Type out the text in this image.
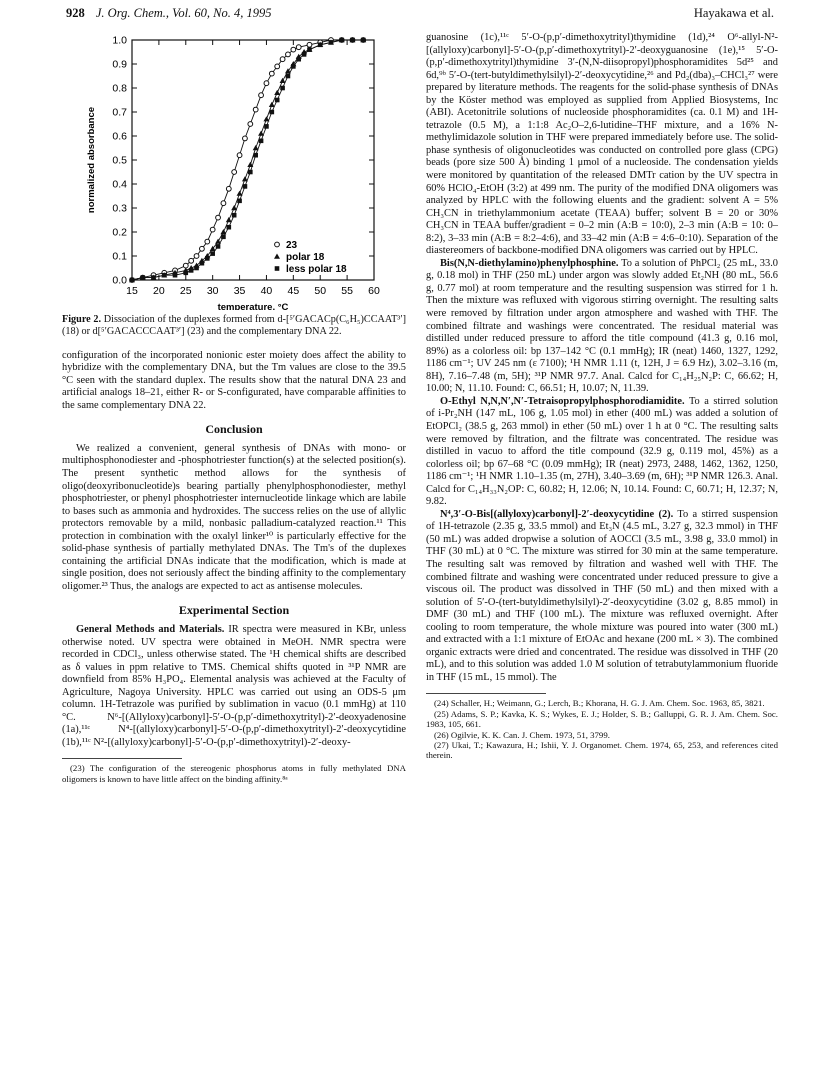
928 J. Org. Chem., Vol. 60, No. 4, 1995	Hayakawa et al.
0.0
0.1
0.2
0.3
0.4
0.5
0.6
0.7
0.8
0.9
1.0
15 20 25 30 35 40 45 50 55 60
temperature, °C
normalized absorbance
23
polar 18
less polar 18
Figure 2. Dissociation of the duplexes formed from d-[⁵′GACACp(C₆H₅)CCAAT³′] (18) or d[⁵′GACACCCAAT³′] (23) and the complementary DNA 22.

configuration of the incorporated nonionic ester moiety does affect the ability to hybridize with the complementary DNA, but the Tm values are close to the 39.5 °C seen with the standard duplex. The results show that the natural DNA 23 and artificial analogs 18–21, either R- or S-configurated, have comparable affinities to the same complementary DNA 22.

Conclusion

We realized a convenient, general synthesis of DNAs with mono- or multiphosphonodiester and -phosphotriester function(s) at the selected position(s). The present synthetic method allows for the synthesis of oligo(deoxyribonucleotide)s bearing partially phenylphosphonodiester, methyl phosphotriester, or phenyl phosphotriester internucleotide linkage which are labile to bases such as ammonia and hydroxides. The success relies on the use of allylic protectors removable by a mild, nonbasic palladium-catalyzed reaction.¹¹ This protection in combination with the oxalyl linker¹⁰ is particularly effective for the solid-phase synthesis of partially methylated DNAs. The Tm's of the duplexes containing the artificial DNAs indicate that the modification, which is made at single position, does not seriously affect the binding affinity to the complementary oligomer.²³ Thus, the analogs are expected to act as antisense molecules.

Experimental Section

General Methods and Materials. IR spectra were measured in KBr, unless otherwise noted. UV spectra were obtained in MeOH. NMR spectra were recorded in CDCl₃, unless otherwise stated. The ¹H chemical shifts are described as δ values in ppm relative to TMS. Chemical shifts quoted in ³¹P NMR are downfield from 85% H₃PO₄. Elemental analysis was achieved at the Faculty of Agriculture, Nagoya University. HPLC was carried out using an ODS-5 μm column. 1H-Tetrazole was purified by sublimation in vacuo (0.1 mmHg) at 110 °C. N⁶-[(Allyloxy)carbonyl]-5′-O-(p,p′-dimethoxytrityl)-2′-deoxyadenosine (1a),¹¹ᶜ N⁴-[(allyloxy)carbonyl]-5′-O-(p,p′-dimethoxytrityl)-2′-deoxycytidine (1b),¹¹ᶜ N²-[(allyloxy)carbonyl]-5′-O-(p,p′-dimethoxytrityl)-2′-deoxy-

(23) The configuration of the stereogenic phosphorus atoms in fully methylated DNA oligomers is known to have little affect on the binding affinity.⁸ᵃ

guanosine (1c),¹¹ᶜ 5′-O-(p,p′-dimethoxytrityl)thymidine (1d),²⁴ O⁶-allyl-N²-[(allyloxy)carbonyl]-5′-O-(p,p′-dimethoxytrityl)-2′-deoxyguanosine (1e),¹⁵ 5′-O-(p,p′-dimethoxytrityl)thymidine 3′-(N,N-diisopropyl)phosphoramidites 5d²⁵ and 6d,⁹ᵇ 5′-O-(tert-butyldimethylsilyl)-2′-deoxycytidine,²⁶ and Pd₂(dba)₃–CHCl₃²⁷ were prepared by literature methods. The reagents for the solid-phase synthesis of DNAs by the Köster method was employed as supplied from Applied Biosystems, Inc (ABI). Acetonitrile solutions of nucleoside phosphoramidites (ca. 0.1 M) and 1H-tetrazole (0.5 M), a 1:1:8 Ac₂O–2,6-lutidine–THF mixture, and a 16% N-methylimidazole solution in THF were prepared immediately before use. The solid-phase synthesis of oligonucleotides was conducted on controlled pore glass (CPG) beads (pore size 500 Å) binding 1 μmol of a nucleoside. The condensation yields were monitored by quantitation of the released DMTr cation by the UV spectra in 60% HClO₄-EtOH (3:2) at 499 nm. The purity of the modified DNA oligomers was analyzed by HPLC with the following eluents and the gradient: solvent A = 5% CH₃CN in triethylammonium acetate (TEAA) buffer; solvent B = 20 or 30% CH₃CN in TEAA buffer/gradient = 0–2 min (A:B = 10:0), 2–3 min (A:B = 10: 0–8:2), 3–33 min (A:B = 8:2–4:6), and 33–42 min (A:B = 4:6–0:10). Separation of the diastereomers of backbone-modified DNA oligomers was carried out by HPLC.

Bis(N,N-diethylamino)phenylphosphine. To a solution of PhPCl₂ (25 mL, 33.0 g, 0.18 mol) in THF (250 mL) under argon was slowly added Et₂NH (80 mL, 56.6 g, 0.77 mol) at room temperature and the resulting suspension was stirred for 1 h. Then the mixture was refluxed with vigorous stirring overnight. The resulting salts were removed by filtration under argon atmosphere and washed with THF. The combined filtrate and washings were concentrated. The residual material was distilled under reduced pressure to afford the title compound (41.3 g, 0.16 mol, 89%) as a colorless oil: bp 137–142 °C (0.1 mmHg); IR (neat) 1460, 1327, 1292, 1186 cm⁻¹; UV 245 nm (ε 7100); ¹H NMR 1.11 (t, 12H, J = 6.9 Hz), 3.02–3.16 (m, 8H), 7.16–7.48 (m, 5H); ³¹P NMR 97.7. Anal. Calcd for C₁₄H₂₅N₂P: C, 66.62; H, 10.00; N, 11.10. Found: C, 66.51; H, 10.07; N, 11.39.

O-Ethyl N,N,N′,N′-Tetraisopropylphosphorodiamidite. To a stirred solution of i-Pr₂NH (147 mL, 106 g, 1.05 mol) in ether (400 mL) was added a solution of EtOPCl₂ (38.5 g, 263 mmol) in ether (50 mL) over 1 h at 0 °C. The resulting salts were removed by filtration, and the filtrate was concentrated. The residue was distilled in vacuo to afford the title compound (32.9 g, 0.119 mol, 45%) as a colorless oil; bp 67–68 °C (0.09 mmHg); IR (neat) 2973, 2488, 1462, 1362, 1250, 1186 cm⁻¹; ¹H NMR 1.10–1.35 (m, 27H), 3.40–3.69 (m, 6H); ³¹P NMR 126.3. Anal. Calcd for C₁₄H₃₃N₂OP: C, 60.82; H, 12.06; N, 10.14. Found: C, 60.71; H, 12.37; N, 9.82.

N⁴,3′-O-Bis[(allyloxy)carbonyl]-2′-deoxycytidine (2). To a stirred suspension of 1H-tetrazole (2.35 g, 33.5 mmol) and Et₃N (4.5 mL, 3.27 g, 32.3 mmol) in THF (50 mL) was added dropwise a solution of AOCCl (3.5 mL, 3.98 g, 33.0 mmol) in THF (30 mL) at 0 °C. The mixture was stirred for 30 min at the same temperature. The resulting salt was removed by filtration and washed well with THF. The combined filtrate and washing were concentrated under reduced pressure to give a viscous oil. The product was dissolved in THF (50 mL) and then mixed with a solution of 5′-O-(tert-butyldimethylsilyl)-2′-deoxycytidine (3.02 g, 8.85 mmol) in DMF (30 mL) and THF (100 mL). The mixture was refluxed overnight. After cooling to room temperature, the whole mixture was poured into water (300 mL) and extracted with a 1:1 mixture of EtOAc and hexane (200 mL × 3). The combined organic extracts were dried and concentrated. The residue was dissolved in THF (20 mL), and to this solution was added 1.0 M solution of tetrabutylammonium fluoride in THF (15 mL, 15 mmol). The

(24) Schaller, H.; Weimann, G.; Lerch, B.; Khorana, H. G. J. Am. Chem. Soc. 1963, 85, 3821.

(25) Adams, S. P.; Kavka, K. S.; Wykes, E. J.; Holder, S. B.; Galluppi, G. R. J. Am. Chem. Soc. 1983, 105, 661.

(26) Ogilvie, K. K. Can. J. Chem. 1973, 51, 3799.

(27) Ukai, T.; Kawazura, H.; Ishii, Y. J. Organomet. Chem. 1974, 65, 253, and references cited therein.
